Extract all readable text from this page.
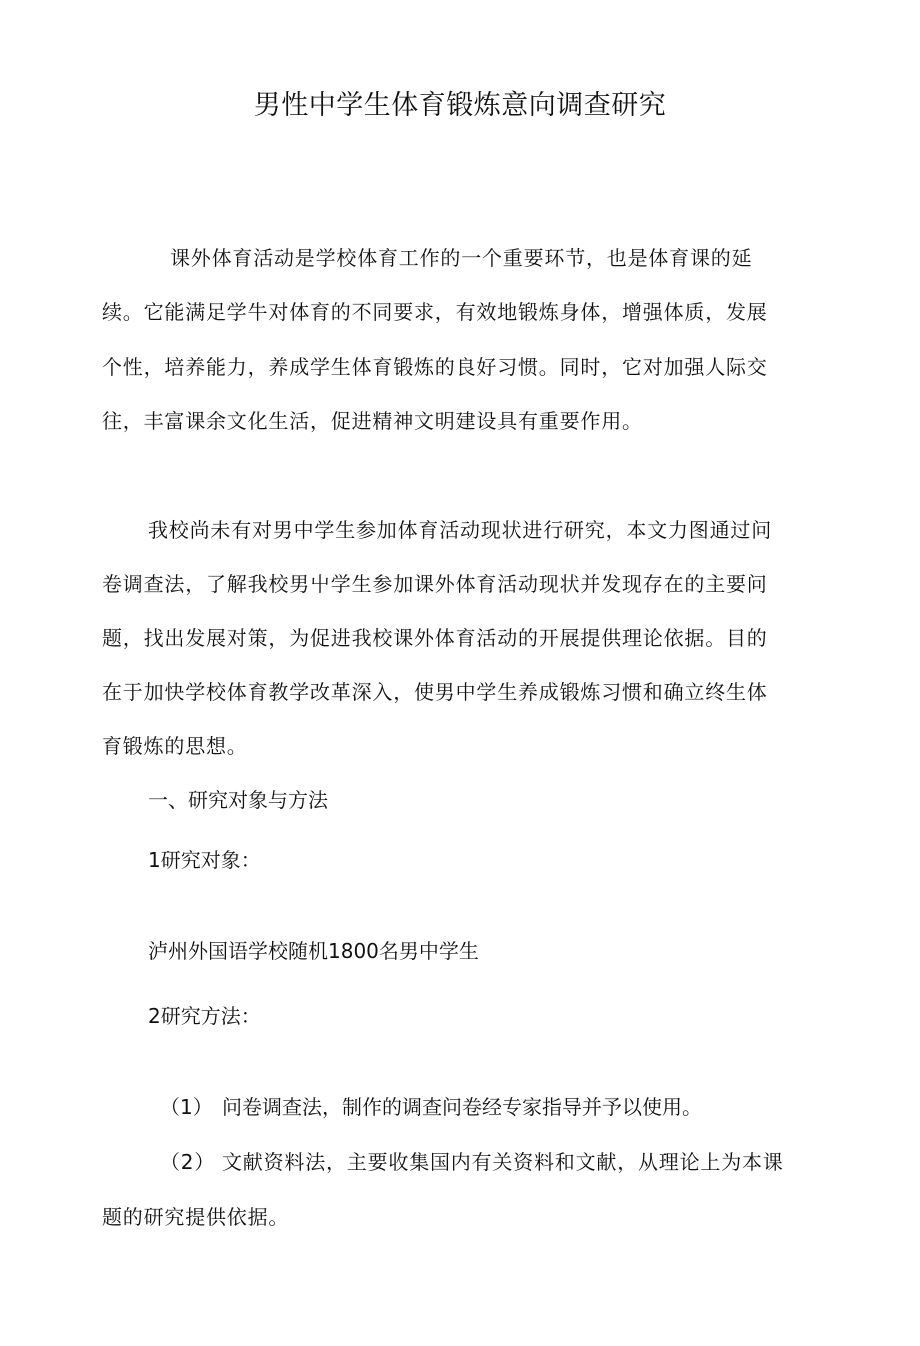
男性中学生体育锻炼意向调查研究

课外体育活动是学校体育工作的一个重要环节，也是体育课的延

续。它能满足学牛对体育的不同要求，有效地锻炼身体，增强体质，发展

个性，培养能力，养成学生体育锻炼的良好习惯。同时，它对加强人际交

往，丰富课余文化生活，促进精神文明建设具有重要作用。

我校尚未有对男中学生参加体育活动现状进行研究，本文力图通过问

卷调查法，了解我校男屮学生参加课外体育活动现状并发现存在的主要问

题，找出发展对策，为促进我校课外体育活动的开展提供理论依据。目的

在于加快学校体育教学改革深入，使男中学生养成锻炼习惯和确立终生体

育锻炼的思想。

一、研究对象与方法

1研究对象：

泸州外国语学校随机1800名男中学生

2研究方法：

（1） 问卷调查法，制作的调查问卷经专家指导并予以使用。

（2） 文献资料法，主要收集国内有关资料和文献，从理论上为本课

题的研究提供依据。
